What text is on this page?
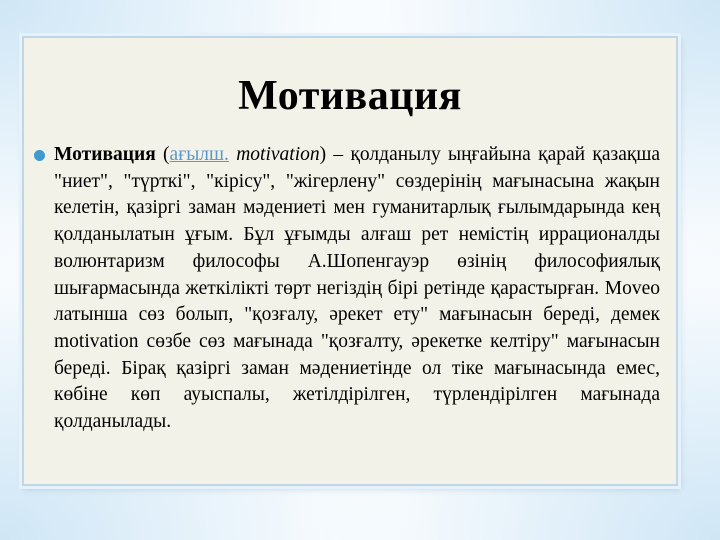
Мотивация

Мотивация (ағылш. motivation) – қолданылу ыңғайына қарай қазақша "ниет", "түрткі", "кірісу", "жігерлену" сөздерінің мағынасына жақын келетін, қазіргі заман мәдениеті мен гуманитарлық ғылымдарында кең қолданылатын ұғым. Бұл ұғымды алғаш рет немістің иррационалды волюнтаризм философы А.Шопенгауэр өзінің философиялық шығармасында жеткілікті төрт негіздің бірі ретінде қарастырған. Moveo латынша сөз болып, "қозғалу, әрекет ету" мағынасын береді, демек motivation сөзбе сөз мағынада "қозғалту, әрекетке келтіру" мағынасын береді. Бірақ қазіргі заман мәдениетінде ол тіке мағынасында емес, көбіне көп ауыспалы, жетілдірілген, түрлендірілген мағынада қолданылады.
